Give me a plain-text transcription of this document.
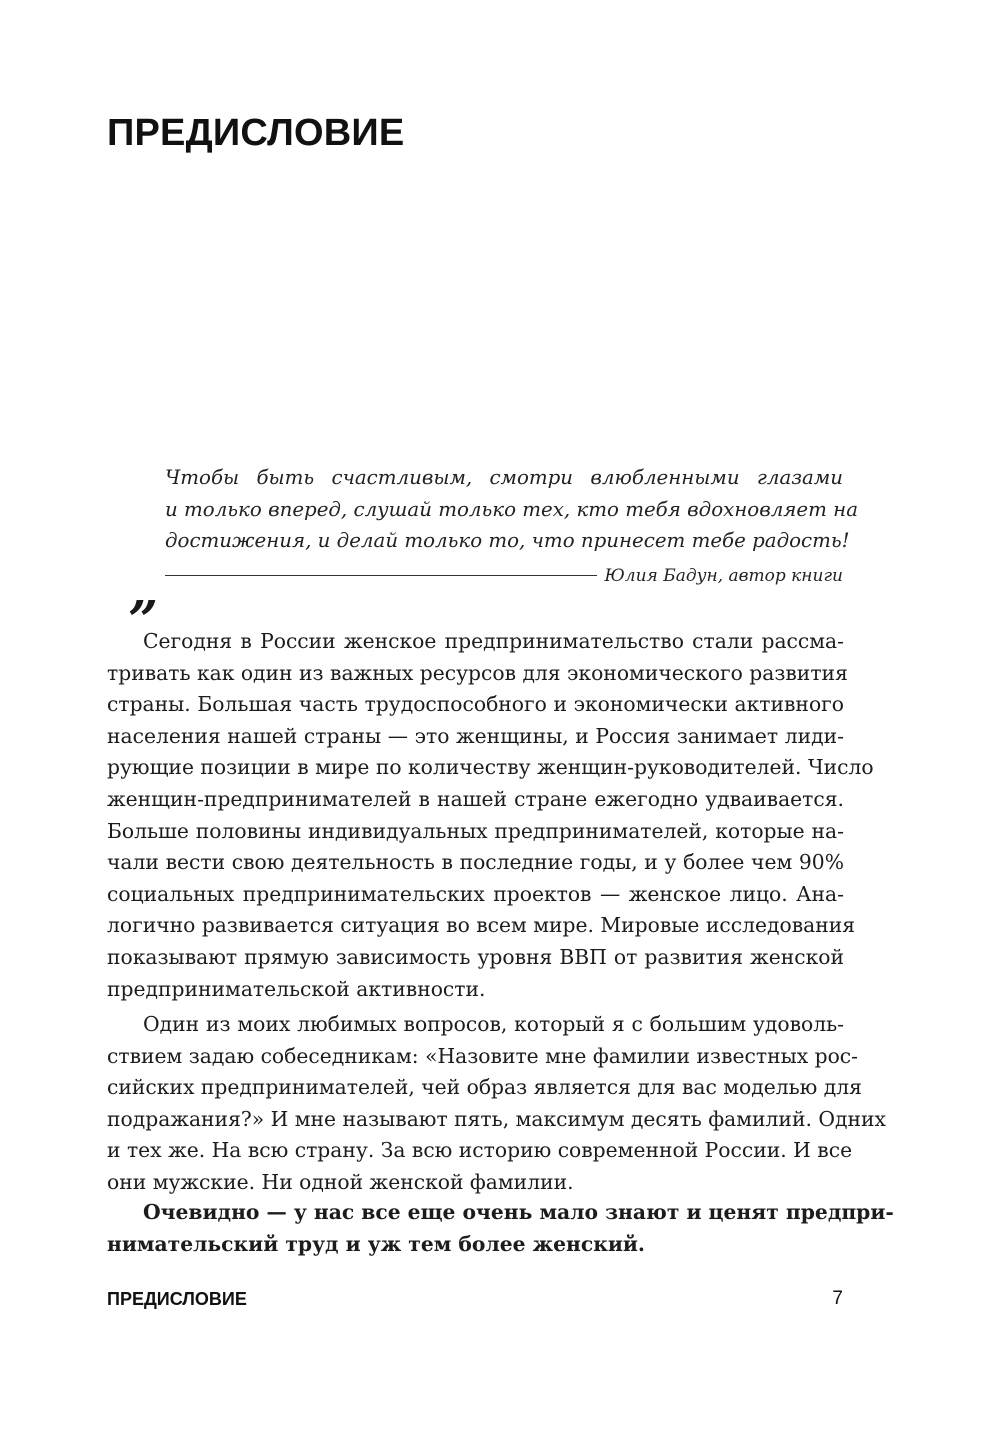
ПРЕДИСЛОВИЕ
Чтобы быть счастливым, смотри влюбленными глазами
и только вперед, слушай только тех, кто тебя вдохновляет на
достижения, и делай только то, что принесет тебе радость!
„	Юлия Бадун, автор книги
Сегодня в России женское предпринимательство стали рассма-
тривать как один из важных ресурсов для экономического развития
страны. Большая часть трудоспособного и экономически активного
населения нашей страны — это женщины, и Россия занимает лиди-
рующие позиции в мире по количеству женщин-руководителей. Число
женщин-предпринимателей в нашей стране ежегодно удваивается.
Больше половины индивидуальных предпринимателей, которые на-
чали вести свою деятельность в последние годы, и у более чем 90%
социальных предпринимательских проектов — женское лицо. Ана-
логично развивается ситуация во всем мире. Мировые исследования
показывают прямую зависимость уровня ВВП от развития женской
предпринимательской активности.
Один из моих любимых вопросов, который я с большим удоволь-
ствием задаю собеседникам: «Назовите мне фамилии известных рос-
сийских предпринимателей, чей образ является для вас моделью для
подражания?» И мне называют пять, максимум десять фамилий. Одних
и тех же. На всю страну. За всю историю современной России. И все
они мужские. Ни одной женской фамилии.
Очевидно — у нас все еще очень мало знают и ценят предпри-
нимательский труд и уж тем более женский.
ПРЕДИСЛОВИЕ	7
